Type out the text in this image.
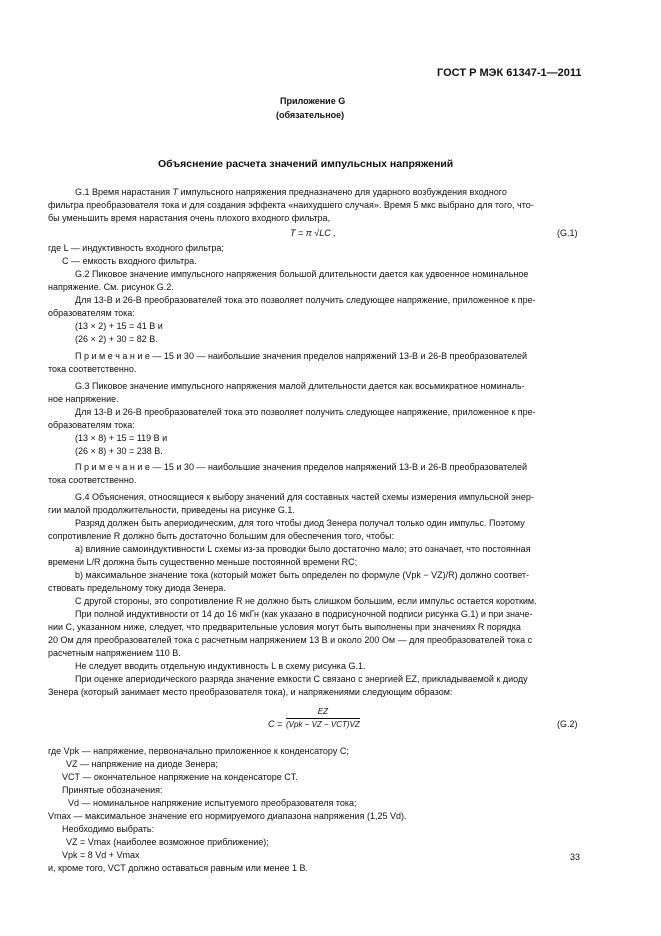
ГОСТ Р МЭК 61347-1—2011
Приложение G
(обязательное)
Объяснение расчета значений импульсных напряжений
G.1 Время нарастания T импульсного напряжения предназначено для ударного возбуждения входного
фильтра преобразователя тока и для создания эффекта «наихудшего случая». Время 5 мкс выбрано для того, что-
бы уменьшить время нарастания очень плохого входного фильтра,
T = π √LC ,	(G.1)
где L — индуктивность входного фильтра;
C — емкость входного фильтра.
G.2 Пиковое значение импульсного напряжения большой длительности дается как удвоенное номинальное
напряжение. См. рисунок G.2.
Для 13-В и 26-В преобразователей тока это позволяет получить следующее напряжение, приложенное к пре-
образователям тока:
(13 × 2) + 15 = 41 В и
(26 × 2) + 30 = 82 В.
П р и м е ч а н и е — 15 и 30 — наибольшие значения пределов напряжений 13-В и 26-В преобразователей
тока соответственно.
G.3 Пиковое значение импульсного напряжения малой длительности дается как восьмикратное номиналь-
ное напряжение.
Для 13-В и 26-В преобразователей тока это позволяет получить следующее напряжение, приложенное к пре-
образователям тока:
(13 × 8) + 15 = 119 В и
(26 × 8) + 30 = 238 В.
П р и м е ч а н и е — 15 и 30 — наибольшие значения пределов напряжений 13-В и 26-В преобразователей
тока соответственно.
G.4 Объяснения, относящиеся к выбору значений для составных частей схемы измерения импульсной энер-
гии малой продолжительности, приведены на рисунке G.1.
Разряд должен быть апериодическим, для того чтобы диод Зенера получал только один импульс. Поэтому
сопротивление R должно быть достаточно большим для обеспечения того, чтобы:
а) влияние самоиндуктивности L схемы из-за проводки было достаточно мало; это означает, что постоянная
времени L/R должна быть существенно меньше постоянной времени RC;
b) максимальное значение тока (который может быть определен по формуле (Vpk − VZ)/R) должно соответ-
ствовать предельному току диода Зенера.
С другой стороны, это сопротивление R не должно быть слишком большим, если импульс остается коротким.
При полной индуктивности от 14 до 16 мкГн (как указано в подрисуночной подписи рисунка G.1) и при значе-
нии C, указанном ниже, следует, что предварительные условия могут быть выполнены при значениях R порядка
20 Ом для преобразователей тока с расчетным напряжением 13 В и около 200 Ом — для преобразователей тока с
расчетным напряжением 110 В.
Не следует вводить отдельную индуктивность L в схему рисунка G.1.
При оценке апериодического разряда значение емкости C связано с энергией EZ, прикладываемой к диоду
Зенера (который занимает место преобразователя тока), и напряжениями следующим образом:
C =
EZ
(Vpk − VZ − VCT)VZ	(G.2)
где Vpk — напряжение, первоначально приложенное к конденсатору C;
VZ — напряжение на диоде Зенера;
VCT — окончательное напряжение на конденсаторе CT.
Принятые обозначения:
Vd — номинальное напряжение испытуемого преобразователя тока;
Vmax — максимальное значение его нормируемого диапазона напряжения (1,25 Vd).
Необходимо выбрать:
VZ = Vmax (наиболее возможное приближение);
Vpk = 8 Vd + Vmax
и, кроме того, VCT должно оставаться равным или менее 1 В.
33
